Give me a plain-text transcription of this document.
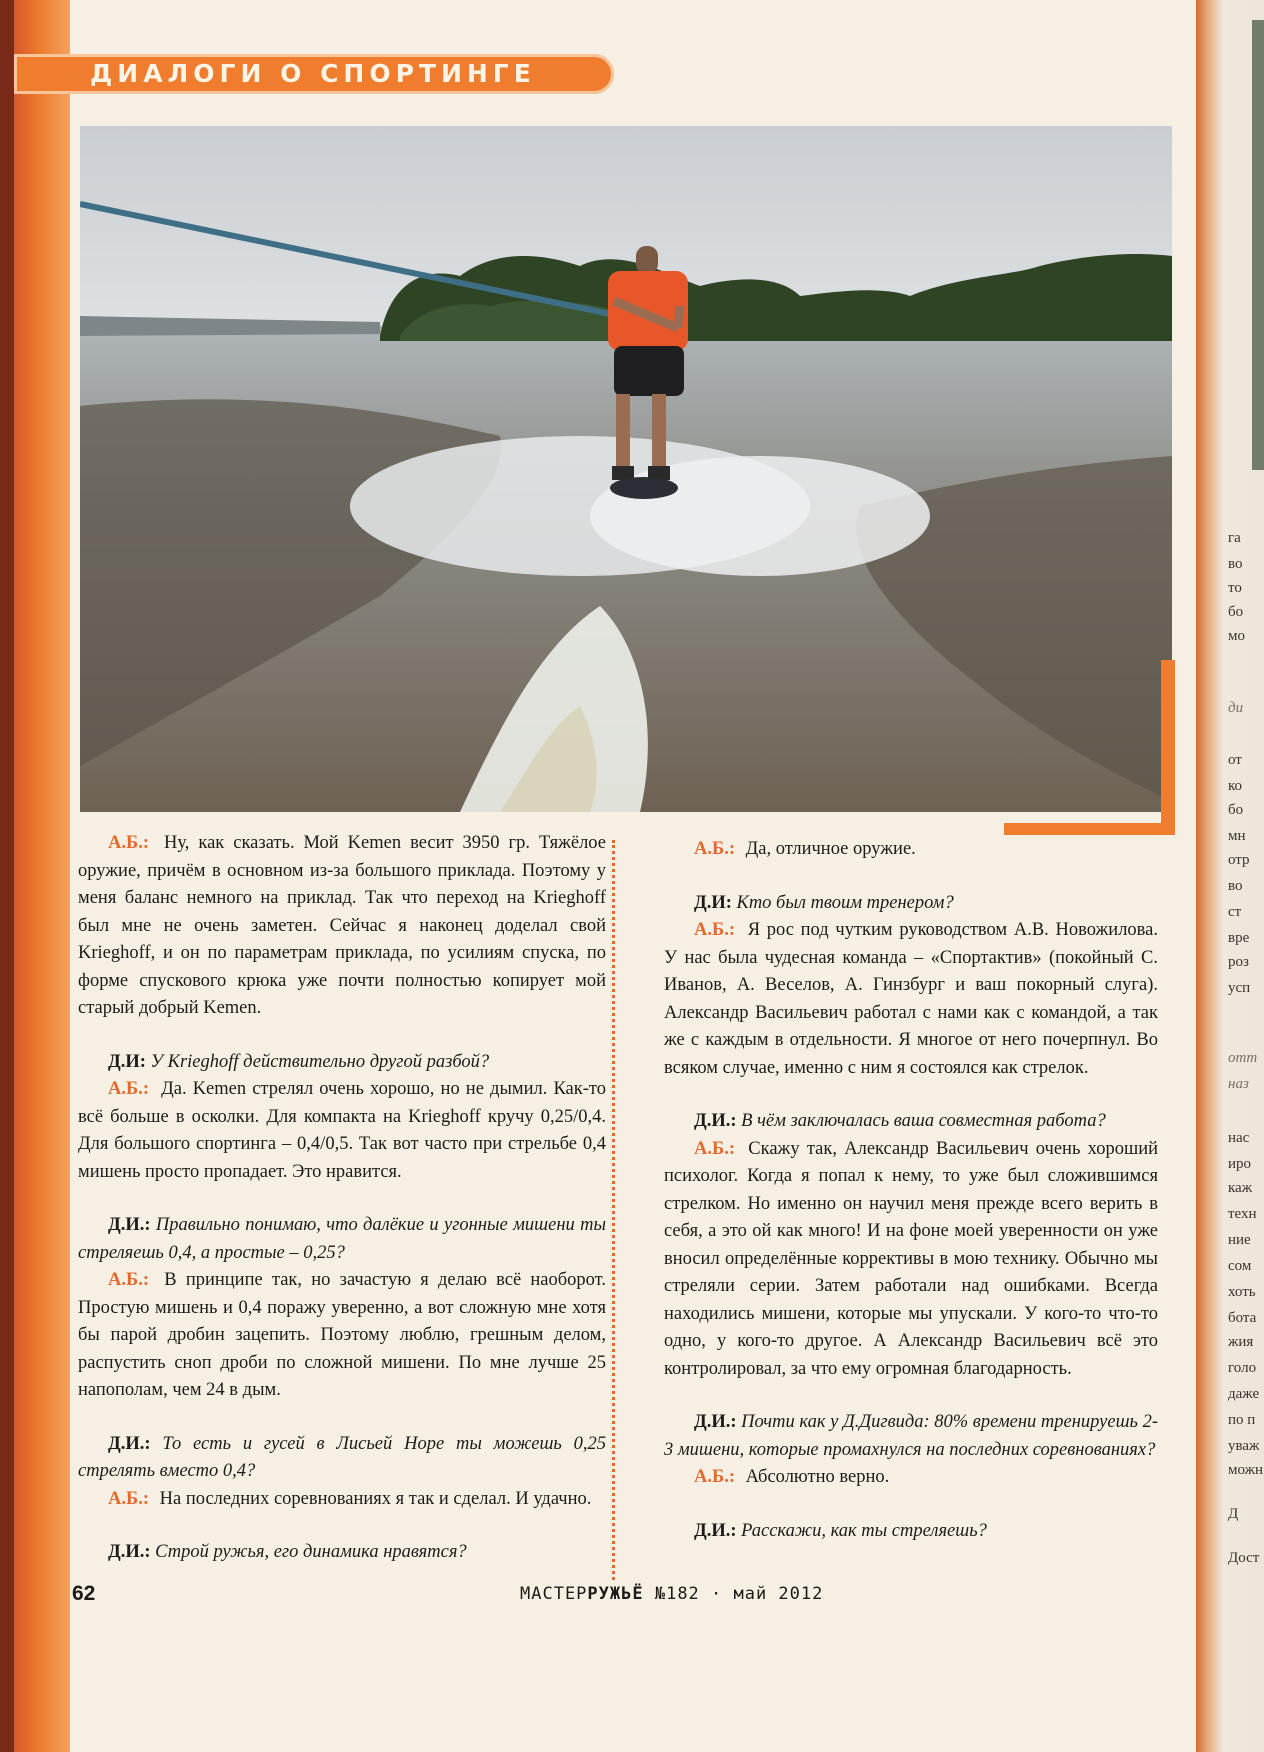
ДИАЛОГИ О СПОРТИНГЕ
га
во
то
бо
мо
ди
от
ко
бо
мн
отр
во
ст
вре
роз
усп
отт
наз
нас
иро
каж
техн
ние
сом
хоть
бота
жия
голо
даже
по п
уваж
можн
Д
Дост
А.Б.: Ну, как сказать. Мой Kemen весит 3950 гр. Тяжёлое оружие, причём в основном из-за большого приклада. Поэтому у меня баланс немного на приклад. Так что переход на Krieghoff был мне не очень заметен. Сейчас я наконец доделал свой Krieghoff, и он по параметрам приклада, по усилиям спуска, по форме спускового крюка уже почти полностью копирует мой старый добрый Kemen.
Д.И: У Krieghoff действительно другой разбой?
А.Б.: Да. Kemen стрелял очень хорошо, но не дымил. Как-то всё больше в осколки. Для компакта на Krieghoff кручу 0,25/0,4. Для большого спортинга – 0,4/0,5. Так вот часто при стрельбе 0,4 мишень просто пропадает. Это нравится.
Д.И.: Правильно понимаю, что далёкие и угонные мишени ты стреляешь 0,4, а простые – 0,25?
А.Б.: В принципе так, но зачастую я делаю всё наоборот. Простую мишень и 0,4 поражу уверенно, а вот сложную мне хотя бы парой дробин зацепить. Поэтому люблю, грешным делом, распустить сноп дроби по сложной мишени. По мне лучше 25 напополам, чем 24 в дым.
Д.И.: То есть и гусей в Лисьей Норе ты можешь 0,25 стрелять вместо 0,4?
А.Б.: На последних соревнованиях я так и сделал. И удачно.
Д.И.: Строй ружья, его динамика нравятся?
А.Б.: Да, отличное оружие.
Д.И: Кто был твоим тренером?
А.Б.: Я рос под чутким руководством А.В. Новожилова. У нас была чудесная команда – «Спортактив» (покойный С. Иванов, А. Веселов, А. Гинзбург и ваш покорный слуга). Александр Васильевич работал с нами как с командой, а так же с каждым в отдельности. Я многое от него почерпнул. Во всяком случае, именно с ним я состоялся как стрелок.
Д.И.: В чём заключалась ваша совместная работа?
А.Б.: Скажу так, Александр Васильевич очень хороший психолог. Когда я попал к нему, то уже был сложившимся стрелком. Но именно он научил меня прежде всего верить в себя, а это ой как много! И на фоне моей уверенности он уже вносил определённые коррективы в мою технику. Обычно мы стреляли серии. Затем работали над ошибками. Всегда находились мишени, которые мы упускали. У кого-то что-то одно, у кого-то другое. А Александр Васильевич всё это контролировал, за что ему огромная благодарность.
Д.И.: Почти как у Д.Дигвида: 80% времени тренируешь 2-3 мишени, которые промахнулся на последних соревнованиях?
А.Б.: Абсолютно верно.
Д.И.: Расскажи, как ты стреляешь?
62	МАСТЕРРУЖЬЁ №182 · май 2012
